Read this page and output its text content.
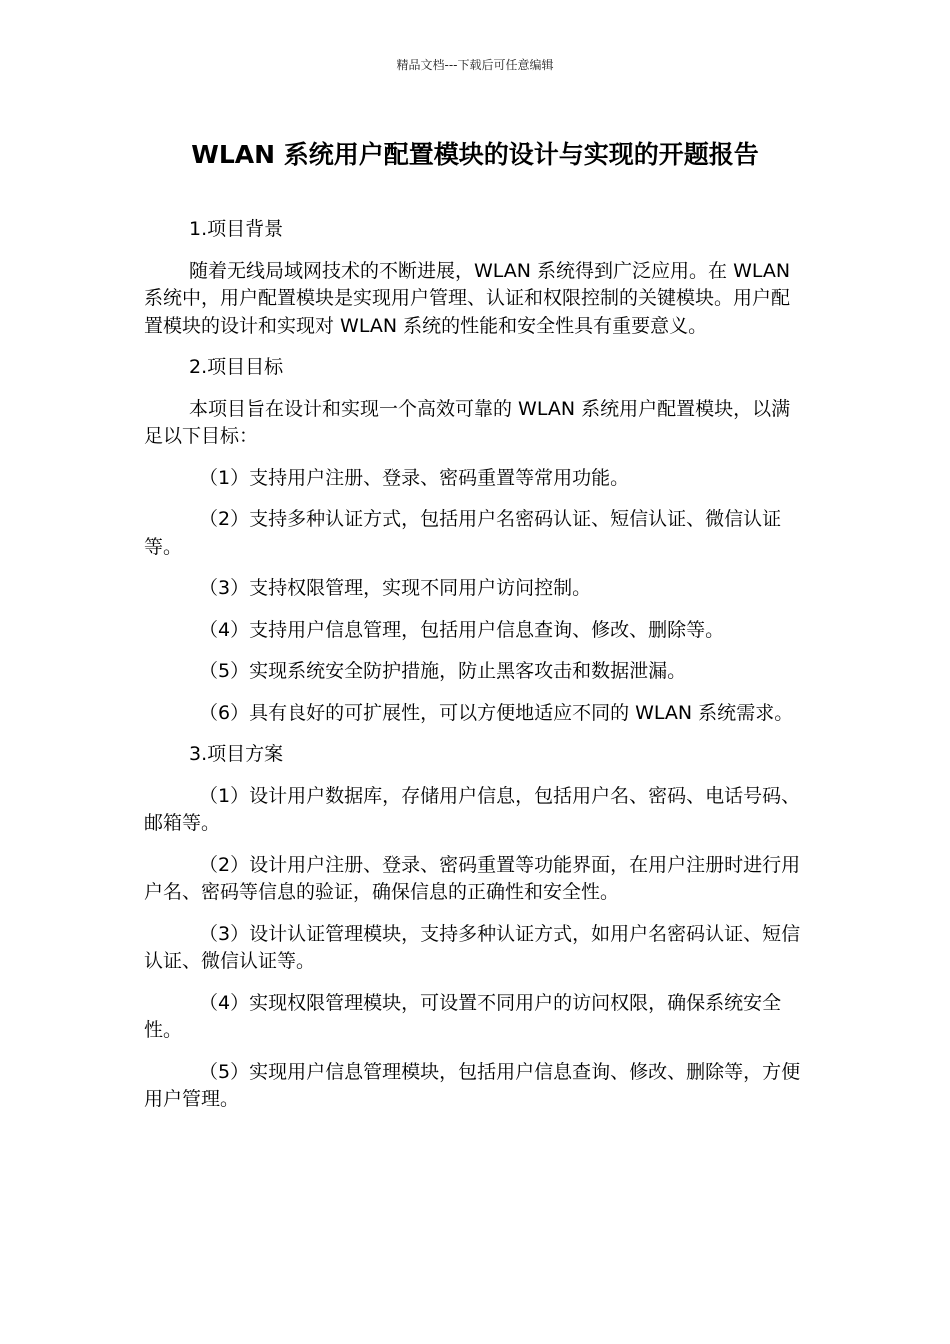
精品文档---下载后可任意编辑
WLAN 系统用户配置模块的设计与实现的开题报告

1.项目背景

随着无线局域网技术的不断进展，WLAN 系统得到广泛应用。在 WLAN 系统中，用户配置模块是实现用户管理、认证和权限控制的关键模块。用户配置模块的设计和实现对 WLAN 系统的性能和安全性具有重要意义。

2.项目目标

本项目旨在设计和实现一个高效可靠的 WLAN 系统用户配置模块，以满足以下目标：

（1）支持用户注册、登录、密码重置等常用功能。

（2）支持多种认证方式，包括用户名密码认证、短信认证、微信认证等。

（3）支持权限管理，实现不同用户访问控制。

（4）支持用户信息管理，包括用户信息查询、修改、删除等。

（5）实现系统安全防护措施，防止黑客攻击和数据泄漏。

（6）具有良好的可扩展性，可以方便地适应不同的 WLAN 系统需求。

3.项目方案

（1）设计用户数据库，存储用户信息，包括用户名、密码、电话号码、邮箱等。

（2）设计用户注册、登录、密码重置等功能界面，在用户注册时进行用户名、密码等信息的验证，确保信息的正确性和安全性。

（3）设计认证管理模块，支持多种认证方式，如用户名密码认证、短信认证、微信认证等。

（4）实现权限管理模块，可设置不同用户的访问权限，确保系统安全性。

（5）实现用户信息管理模块，包括用户信息查询、修改、删除等，方便用户管理。
